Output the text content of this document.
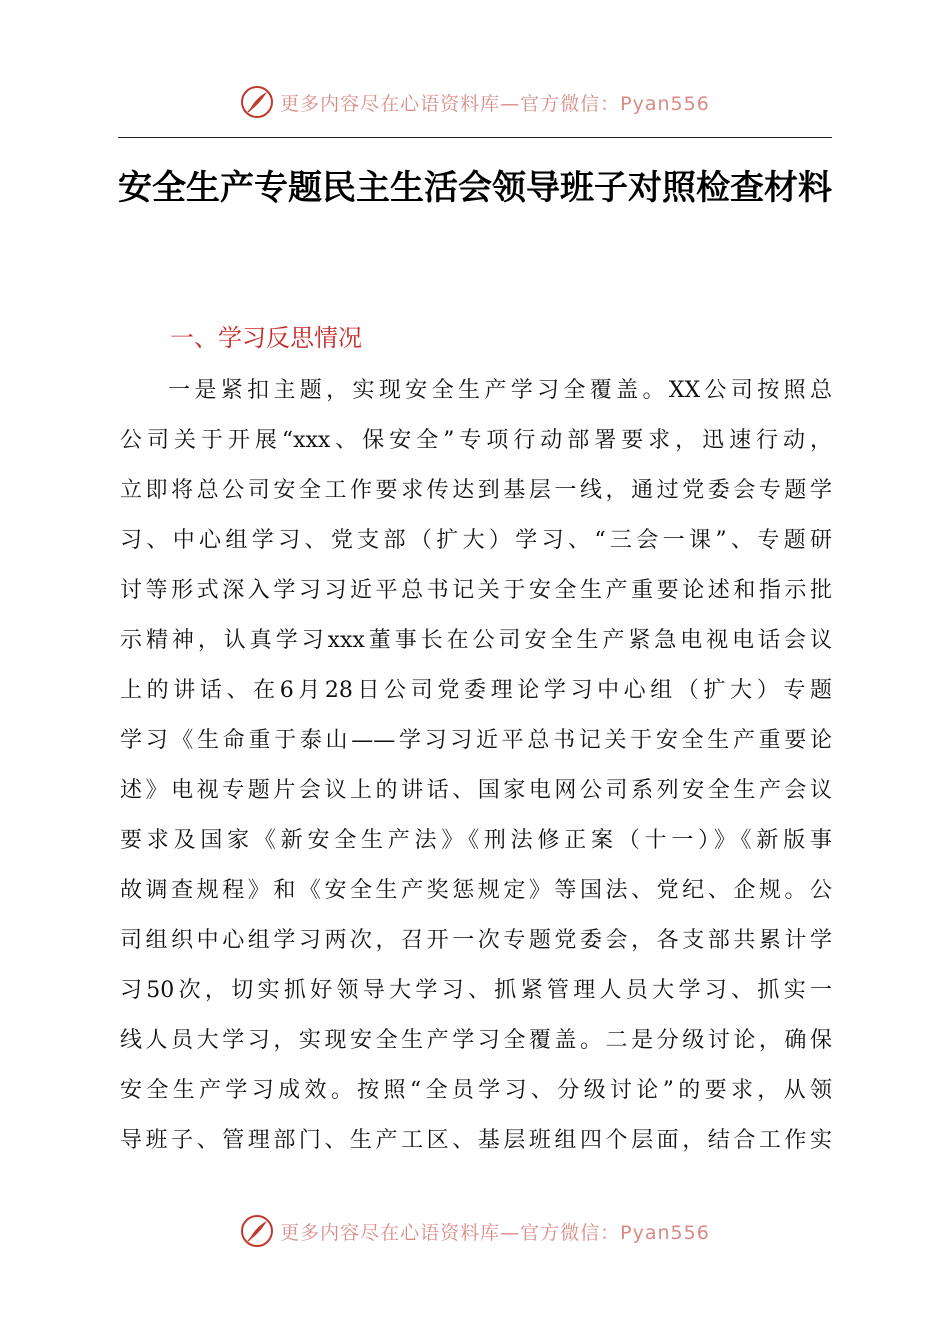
更多内容尽在心语资料库—官方微信：Pyan556
安全生产专题民主生活会领导班子对照检查材料
一、学习反思情况
一是紧扣主题，实现安全生产学习全覆盖。XX公司按照总
公司关于开展“xxx、保安全”专项行动部署要求，迅速行动，
立即将总公司安全工作要求传达到基层一线，通过党委会专题学
习、中心组学习、党支部（扩大）学习、“三会一课”、专题研
讨等形式深入学习习近平总书记关于安全生产重要论述和指示批
示精神，认真学习xxx董事长在公司安全生产紧急电视电话会议
上的讲话、在6月28日公司党委理论学习中心组（扩大）专题
学习《生命重于泰山——学习习近平总书记关于安全生产重要论
述》电视专题片会议上的讲话、国家电网公司系列安全生产会议
要求及国家《新安全生产法》《刑法修正案（十一）》《新版事
故调查规程》和《安全生产奖惩规定》等国法、党纪、企规。公
司组织中心组学习两次，召开一次专题党委会，各支部共累计学
习50次，切实抓好领导大学习、抓紧管理人员大学习、抓实一
线人员大学习，实现安全生产学习全覆盖。二是分级讨论，确保
安全生产学习成效。按照“全员学习、分级讨论”的要求，从领
导班子、管理部门、生产工区、基层班组四个层面，结合工作实
更多内容尽在心语资料库—官方微信：Pyan556
